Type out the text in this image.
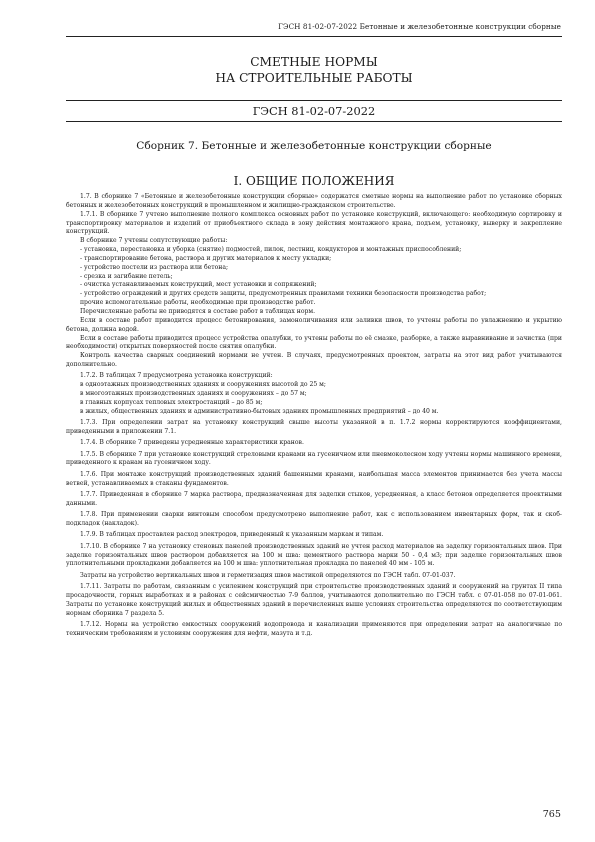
ГЭСН 81-02-07-2022 Бетонные и железобетонные конструкции сборные
СМЕТНЫЕ НОРМЫ
НА СТРОИТЕЛЬНЫЕ РАБОТЫ
ГЭСН 81-02-07-2022
Сборник 7. Бетонные и железобетонные конструкции сборные
I. ОБЩИЕ ПОЛОЖЕНИЯ

1.7. В сборнике 7 «Бетонные и железобетонные конструкции сборные» содержатся сметные нормы на выполнение работ по установке сборных бетонных и железобетонных конструкций в промышленном и жилищно-гражданском строительстве.

1.7.1. В сборнике 7 учтено выполнение полного комплекса основных работ по установке конструкций, включающего: необходимую сортировку и транспортировку материалов и изделий от приобъектного склада в зону действия монтажного крана, подъем, установку, выверку и закрепление конструкций.

В сборнике 7 учтены сопутствующие работы:

- установка, перестановка и уборка (снятие) подмостей, пилок, лестниц, кондукторов и монтажных приспособлений;

- транспортирование бетона, раствора и других материалов к месту укладки;

- устройство постели из раствора или бетона;

- срезка и загибание петель;

- очистка устанавливаемых конструкций, мест установки и сопряжений;

- устройство ограждений и других средств защиты, предусмотренных правилами техники безопасности производства работ;

прочие вспомогательные работы, необходимые при производстве работ.

Перечисленные работы не приводятся в составе работ в таблицах норм.

Если в составе работ приводится процесс бетонирования, замоноличивания или заливки швов, то учтены работы по увлажнению и укрытию бетона, должна водой.

Если в составе работы приводится процесс устройства опалубки, то учтены работы по её смазке, разборке, а также выравнивание и зачистка (при необходимости) открытых поверхностей после снятия опалубки.

Контроль качества сварных соединений нормами не учтен. В случаях, предусмотренных проектом, затраты на этот вид работ учитываются дополнительно.

1.7.2. В таблицах 7 предусмотрена установка конструкций:

в одноэтажных производственных зданиях и сооружениях высотой до 25 м;

в многоэтажных производственных зданиях и сооружениях – до 57 м;

в главных корпусах тепловых электростанций – до 85 м;

в жилых, общественных зданиях и административно-бытовых зданиях промышленных предприятий – до 40 м.

1.7.3. При определении затрат на установку конструкций свыше высоты указанной в п. 1.7.2 нормы корректируются коэффициентами, приведенными в приложении 7.1.

1.7.4. В сборнике 7 приведены усредненные характеристики кранов.

1.7.5. В сборнике 7 при установке конструкций стреловыми кранами на гусеничном или пневмоколесном ходу учтены нормы машинного времени, приведенного к кранам на гусеничном ходу.

1.7.6. При монтаже конструкций производственных зданий башенными кранами, наибольшая масса элементов принимается без учета массы ветвей, устанавливаемых в стаканы фундаментов.

1.7.7. Приведенная в сборнике 7 марка раствора, предназначенная для заделки стыков, усредненная, а класс бетонов определяется проектными данными.

1.7.8. При применении сварки винтовым способом предусмотрено выполнение работ, как с использованием инвентарных форм, так и скоб-подкладок (накладок).

1.7.9. В таблицах проставлен расход электродов, приведенный к указанным маркам и типам.

1.7.10. В сборнике 7 на установку стеновых панелей производственных зданий не учтен расход материалов на заделку горизонтальных швов. При заделке горизонтальных швов раствором добавляется на 100 м шва: цементного раствора марки 50 - 0,4 м3; при заделке горизонтальных швов уплотнительными прокладками добавляется на 100 м шва: уплотнительная прокладка по панелей 40 мм - 105 м.

Затраты на устройство вертикальных швов и герметизация швов мастикой определяются по ГЭСН табл. 07-01-037.

1.7.11. Затраты по работам, связанным с усилением конструкций при строительстве производственных зданий и сооружений на грунтах II типа просадочности, горных выработках и в районах с сейсмичностью 7-9 баллов, учитываются дополнительно по ГЭСН табл. с 07-01-058 по 07-01-061. Затраты по установке конструкций жилых и общественных зданий в перечисленных выше условиях строительства определяются по соответствующим нормам сборника 7 раздела 5.

1.7.12. Нормы на устройство емкостных сооружений водопровода и канализации применяются при определении затрат на аналогичные по техническим требованиям и условиям сооружения для нефти, мазута и т.д.

765
